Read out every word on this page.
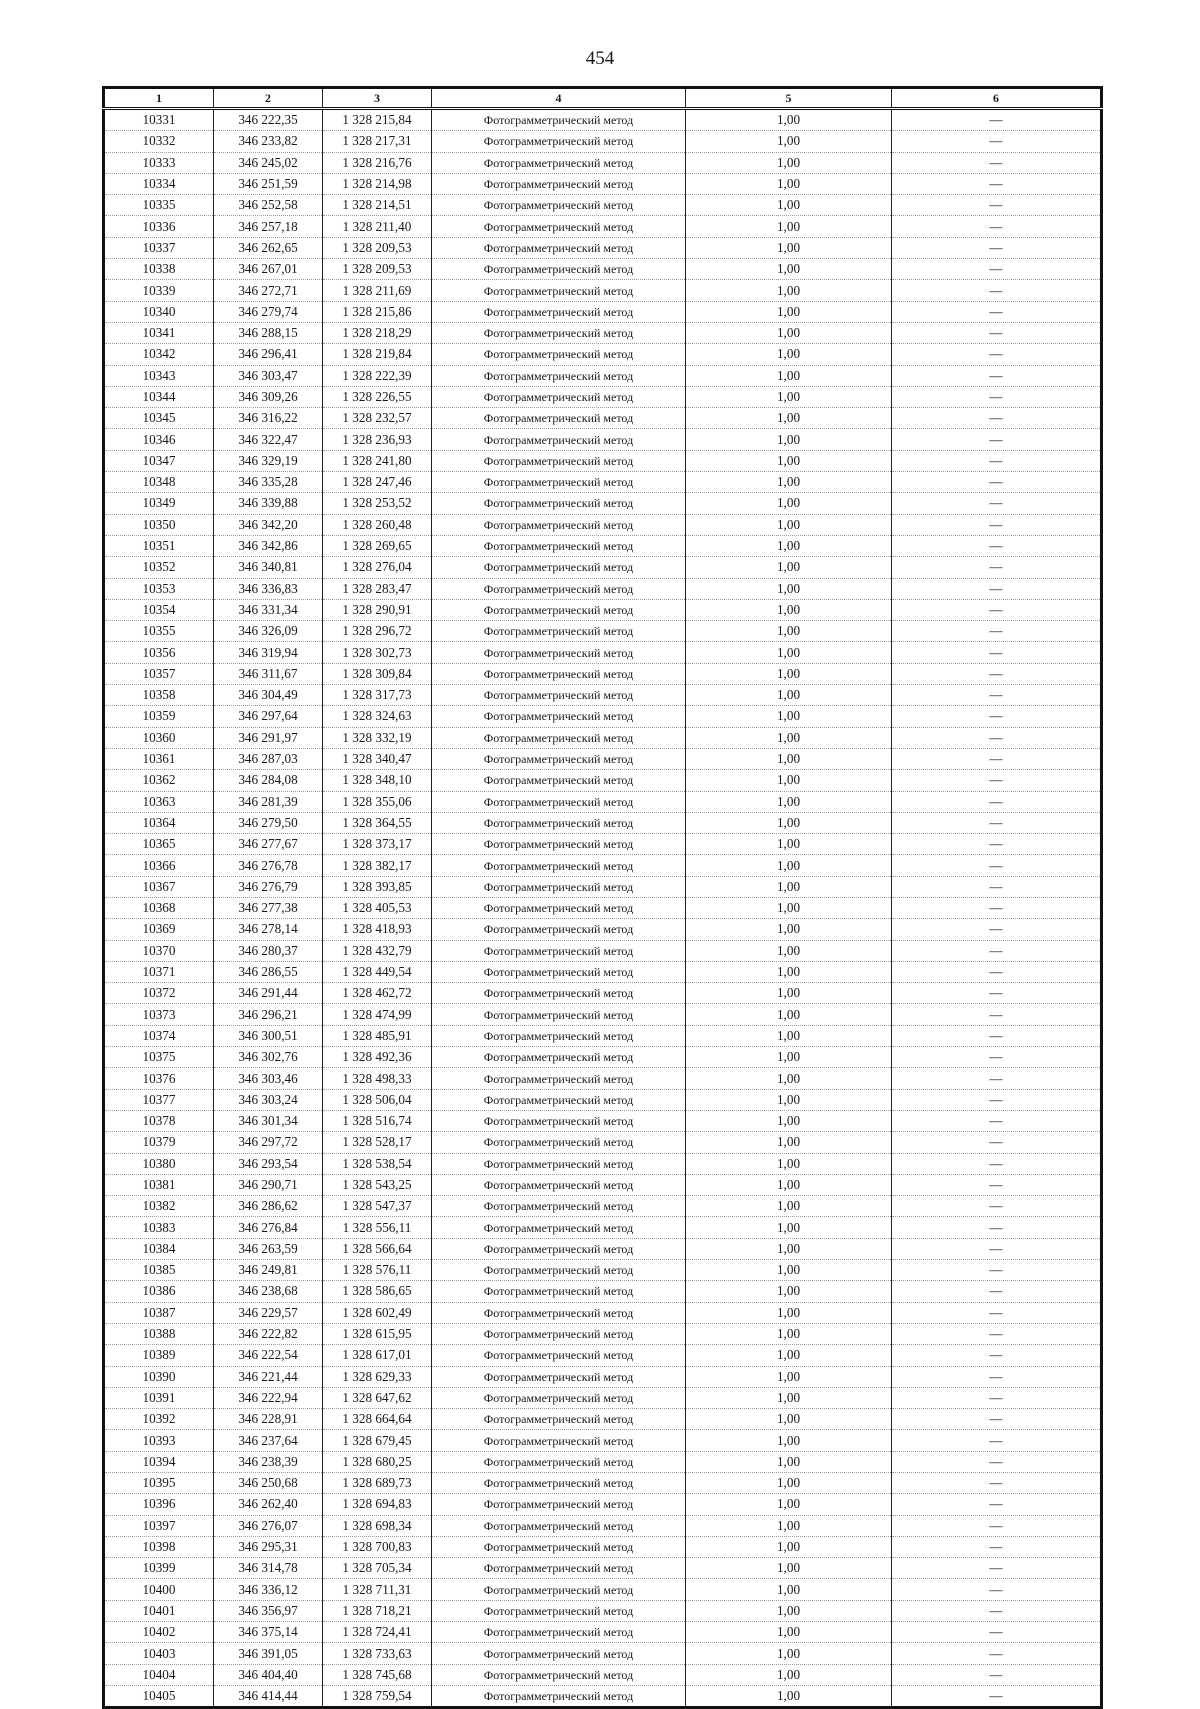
454
1	2	3	4	5	6
10331	346 222,35	1 328 215,84	Фотограмметрический метод	1,00	—
10332	346 233,82	1 328 217,31	Фотограмметрический метод	1,00	—
10333	346 245,02	1 328 216,76	Фотограмметрический метод	1,00	—
10334	346 251,59	1 328 214,98	Фотограмметрический метод	1,00	—
10335	346 252,58	1 328 214,51	Фотограмметрический метод	1,00	—
10336	346 257,18	1 328 211,40	Фотограмметрический метод	1,00	—
10337	346 262,65	1 328 209,53	Фотограмметрический метод	1,00	—
10338	346 267,01	1 328 209,53	Фотограмметрический метод	1,00	—
10339	346 272,71	1 328 211,69	Фотограмметрический метод	1,00	—
10340	346 279,74	1 328 215,86	Фотограмметрический метод	1,00	—
10341	346 288,15	1 328 218,29	Фотограмметрический метод	1,00	—
10342	346 296,41	1 328 219,84	Фотограмметрический метод	1,00	—
10343	346 303,47	1 328 222,39	Фотограмметрический метод	1,00	—
10344	346 309,26	1 328 226,55	Фотограмметрический метод	1,00	—
10345	346 316,22	1 328 232,57	Фотограмметрический метод	1,00	—
10346	346 322,47	1 328 236,93	Фотограмметрический метод	1,00	—
10347	346 329,19	1 328 241,80	Фотограмметрический метод	1,00	—
10348	346 335,28	1 328 247,46	Фотограмметрический метод	1,00	—
10349	346 339,88	1 328 253,52	Фотограмметрический метод	1,00	—
10350	346 342,20	1 328 260,48	Фотограмметрический метод	1,00	—
10351	346 342,86	1 328 269,65	Фотограмметрический метод	1,00	—
10352	346 340,81	1 328 276,04	Фотограмметрический метод	1,00	—
10353	346 336,83	1 328 283,47	Фотограмметрический метод	1,00	—
10354	346 331,34	1 328 290,91	Фотограмметрический метод	1,00	—
10355	346 326,09	1 328 296,72	Фотограмметрический метод	1,00	—
10356	346 319,94	1 328 302,73	Фотограмметрический метод	1,00	—
10357	346 311,67	1 328 309,84	Фотограмметрический метод	1,00	—
10358	346 304,49	1 328 317,73	Фотограмметрический метод	1,00	—
10359	346 297,64	1 328 324,63	Фотограмметрический метод	1,00	—
10360	346 291,97	1 328 332,19	Фотограмметрический метод	1,00	—
10361	346 287,03	1 328 340,47	Фотограмметрический метод	1,00	—
10362	346 284,08	1 328 348,10	Фотограмметрический метод	1,00	—
10363	346 281,39	1 328 355,06	Фотограмметрический метод	1,00	—
10364	346 279,50	1 328 364,55	Фотограмметрический метод	1,00	—
10365	346 277,67	1 328 373,17	Фотограмметрический метод	1,00	—
10366	346 276,78	1 328 382,17	Фотограмметрический метод	1,00	—
10367	346 276,79	1 328 393,85	Фотограмметрический метод	1,00	—
10368	346 277,38	1 328 405,53	Фотограмметрический метод	1,00	—
10369	346 278,14	1 328 418,93	Фотограмметрический метод	1,00	—
10370	346 280,37	1 328 432,79	Фотограмметрический метод	1,00	—
10371	346 286,55	1 328 449,54	Фотограмметрический метод	1,00	—
10372	346 291,44	1 328 462,72	Фотограмметрический метод	1,00	—
10373	346 296,21	1 328 474,99	Фотограмметрический метод	1,00	—
10374	346 300,51	1 328 485,91	Фотограмметрический метод	1,00	—
10375	346 302,76	1 328 492,36	Фотограмметрический метод	1,00	—
10376	346 303,46	1 328 498,33	Фотограмметрический метод	1,00	—
10377	346 303,24	1 328 506,04	Фотограмметрический метод	1,00	—
10378	346 301,34	1 328 516,74	Фотограмметрический метод	1,00	—
10379	346 297,72	1 328 528,17	Фотограмметрический метод	1,00	—
10380	346 293,54	1 328 538,54	Фотограмметрический метод	1,00	—
10381	346 290,71	1 328 543,25	Фотограмметрический метод	1,00	—
10382	346 286,62	1 328 547,37	Фотограмметрический метод	1,00	—
10383	346 276,84	1 328 556,11	Фотограмметрический метод	1,00	—
10384	346 263,59	1 328 566,64	Фотограмметрический метод	1,00	—
10385	346 249,81	1 328 576,11	Фотограмметрический метод	1,00	—
10386	346 238,68	1 328 586,65	Фотограмметрический метод	1,00	—
10387	346 229,57	1 328 602,49	Фотограмметрический метод	1,00	—
10388	346 222,82	1 328 615,95	Фотограмметрический метод	1,00	—
10389	346 222,54	1 328 617,01	Фотограмметрический метод	1,00	—
10390	346 221,44	1 328 629,33	Фотограмметрический метод	1,00	—
10391	346 222,94	1 328 647,62	Фотограмметрический метод	1,00	—
10392	346 228,91	1 328 664,64	Фотограмметрический метод	1,00	—
10393	346 237,64	1 328 679,45	Фотограмметрический метод	1,00	—
10394	346 238,39	1 328 680,25	Фотограмметрический метод	1,00	—
10395	346 250,68	1 328 689,73	Фотограмметрический метод	1,00	—
10396	346 262,40	1 328 694,83	Фотограмметрический метод	1,00	—
10397	346 276,07	1 328 698,34	Фотограмметрический метод	1,00	—
10398	346 295,31	1 328 700,83	Фотограмметрический метод	1,00	—
10399	346 314,78	1 328 705,34	Фотограмметрический метод	1,00	—
10400	346 336,12	1 328 711,31	Фотограмметрический метод	1,00	—
10401	346 356,97	1 328 718,21	Фотограмметрический метод	1,00	—
10402	346 375,14	1 328 724,41	Фотограмметрический метод	1,00	—
10403	346 391,05	1 328 733,63	Фотограмметрический метод	1,00	—
10404	346 404,40	1 328 745,68	Фотограмметрический метод	1,00	—
10405	346 414,44	1 328 759,54	Фотограмметрический метод	1,00	—
